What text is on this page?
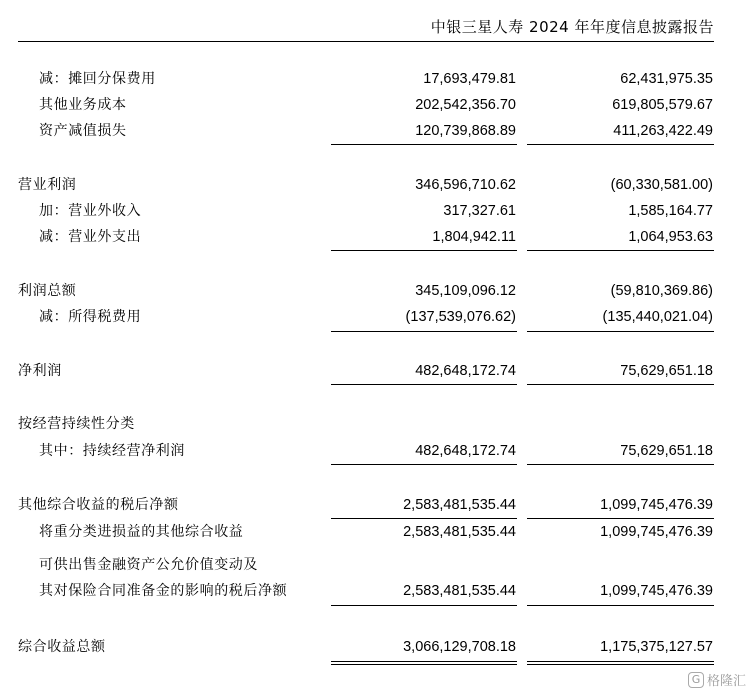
中银三星人寿 2024 年年度信息披露报告
减：摊回分保费用	17,693,479.81	62,431,975.35
其他业务成本	202,542,356.70	619,805,579.67
资产减值损失	120,739,868.89	411,263,422.49
营业利润	346,596,710.62	(60,330,581.00)
加：营业外收入	317,327.61	1,585,164.77
减：营业外支出	1,804,942.11	1,064,953.63
利润总额	345,109,096.12	(59,810,369.86)
减：所得税费用	(137,539,076.62)	(135,440,021.04)
净利润	482,648,172.74	75,629,651.18
按经营持续性分类
其中：持续经营净利润	482,648,172.74	75,629,651.18
其他综合收益的税后净额	2,583,481,535.44	1,099,745,476.39
将重分类进损益的其他综合收益	2,583,481,535.44	1,099,745,476.39
可供出售金融资产公允价值变动及
其对保险合同准备金的影响的税后净额	2,583,481,535.44	1,099,745,476.39
综合收益总额	3,066,129,708.18	1,175,375,127.57
G 格隆汇
